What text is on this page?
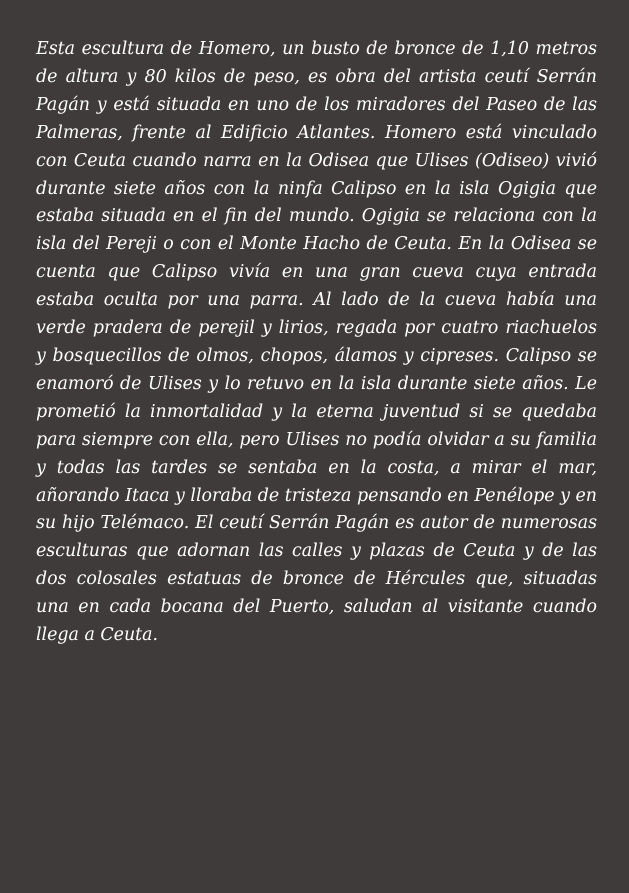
Esta escultura de Homero, un busto de bronce de 1,10 metros de altura y 80 kilos de peso, es obra del artista ceutí Serrán Pagán y está situada en uno de los miradores del Paseo de las Palmeras, frente al Edificio Atlantes. Homero está vinculado con Ceuta cuando narra en la Odisea que Ulises (Odiseo) vivió durante siete años con la ninfa Calipso en la isla Ogigia que estaba situada en el fin del mundo. Ogigia se relaciona con la isla del Pereji o con el Monte Hacho de Ceuta. En la Odisea se cuenta que Calipso vivía en una gran cueva cuya entrada estaba oculta por una parra. Al lado de la cueva había una verde pradera de perejil y lirios, regada por cuatro riachuelos y bosquecillos de olmos, chopos, álamos y cipreses. Calipso se enamoró de Ulises y lo retuvo en la isla durante siete años. Le prometió la inmortalidad y la eterna juventud si se quedaba para siempre con ella, pero Ulises no podía olvidar a su familia y todas las tardes se sentaba en la costa, a mirar el mar, añorando Itaca y lloraba de tristeza pensando en Penélope y en su hijo Telémaco. El ceutí Serrán Pagán es autor de numerosas esculturas que adornan las calles y plazas de Ceuta y de las dos colosales estatuas de bronce de Hércules que, situadas una en cada bocana del Puerto, saludan al visitante cuando llega a Ceuta.
